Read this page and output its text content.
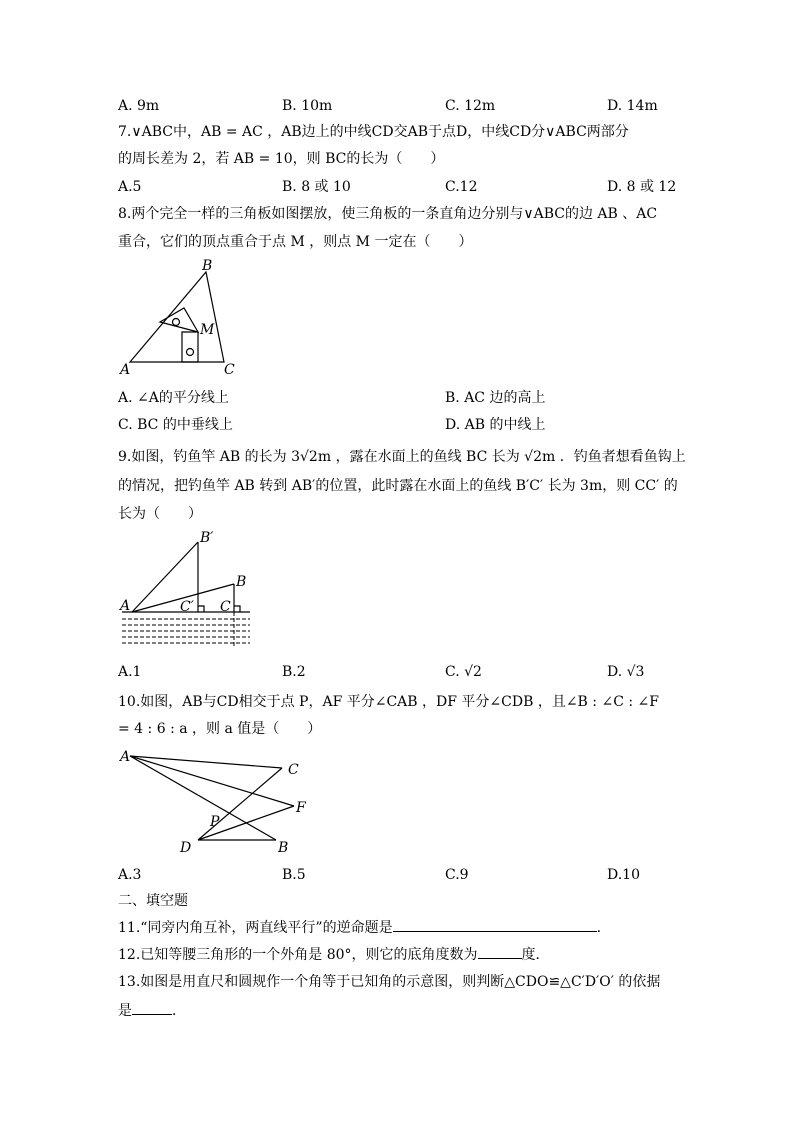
A. 9m	B. 10m	C. 12m	D. 14m
7.∨ABC中，AB = AC ，AB边上的中线CD交AB于点D，中线CD分∨ABC两部分
的周长差为 2，若 AB = 10，则 BC的长为（　　）
A.5	B. 8 或 10	C.12	D. 8 或 12
8.两个完全一样的三角板如图摆放，使三角板的一条直角边分别与∨ABC的边 AB 、AC
重合，它们的顶点重合于点 M ，则点 M 一定在（　　）
B
M
A	C
A. ∠A的平分线上	B. AC 边的高上
C. BC 的中垂线上	D. AB 的中线上
9.如图，钓鱼竿 AB 的长为 3√2m ，露在水面上的鱼线 BC 长为 √2m ．钓鱼者想看鱼钩上
的情况，把钓鱼竿 AB 转到 AB′的位置，此时露在水面上的鱼线 B′C′ 长为 3m，则 CC′ 的
长为（　　）
B′
B
A	C′ C
A.1	B.2	C. √2	D. √3
10.如图，AB与CD相交于点 P，AF 平分∠CAB ，DF 平分∠CDB ，且∠B : ∠C : ∠F
= 4 : 6 : a ，则 a 值是（　　）
A
C
F
P
D	B
A.3	B.5	C.9	D.10
二、填空题
11.“同旁内角互补，两直线平行”的逆命题是	.
12.已知等腰三角形的一个外角是 80°，则它的底角度数为	度．
13.如图是用直尺和圆规作一个角等于已知角的示意图，则判断△CDO≌△C′D′O′ 的依据
是	．
